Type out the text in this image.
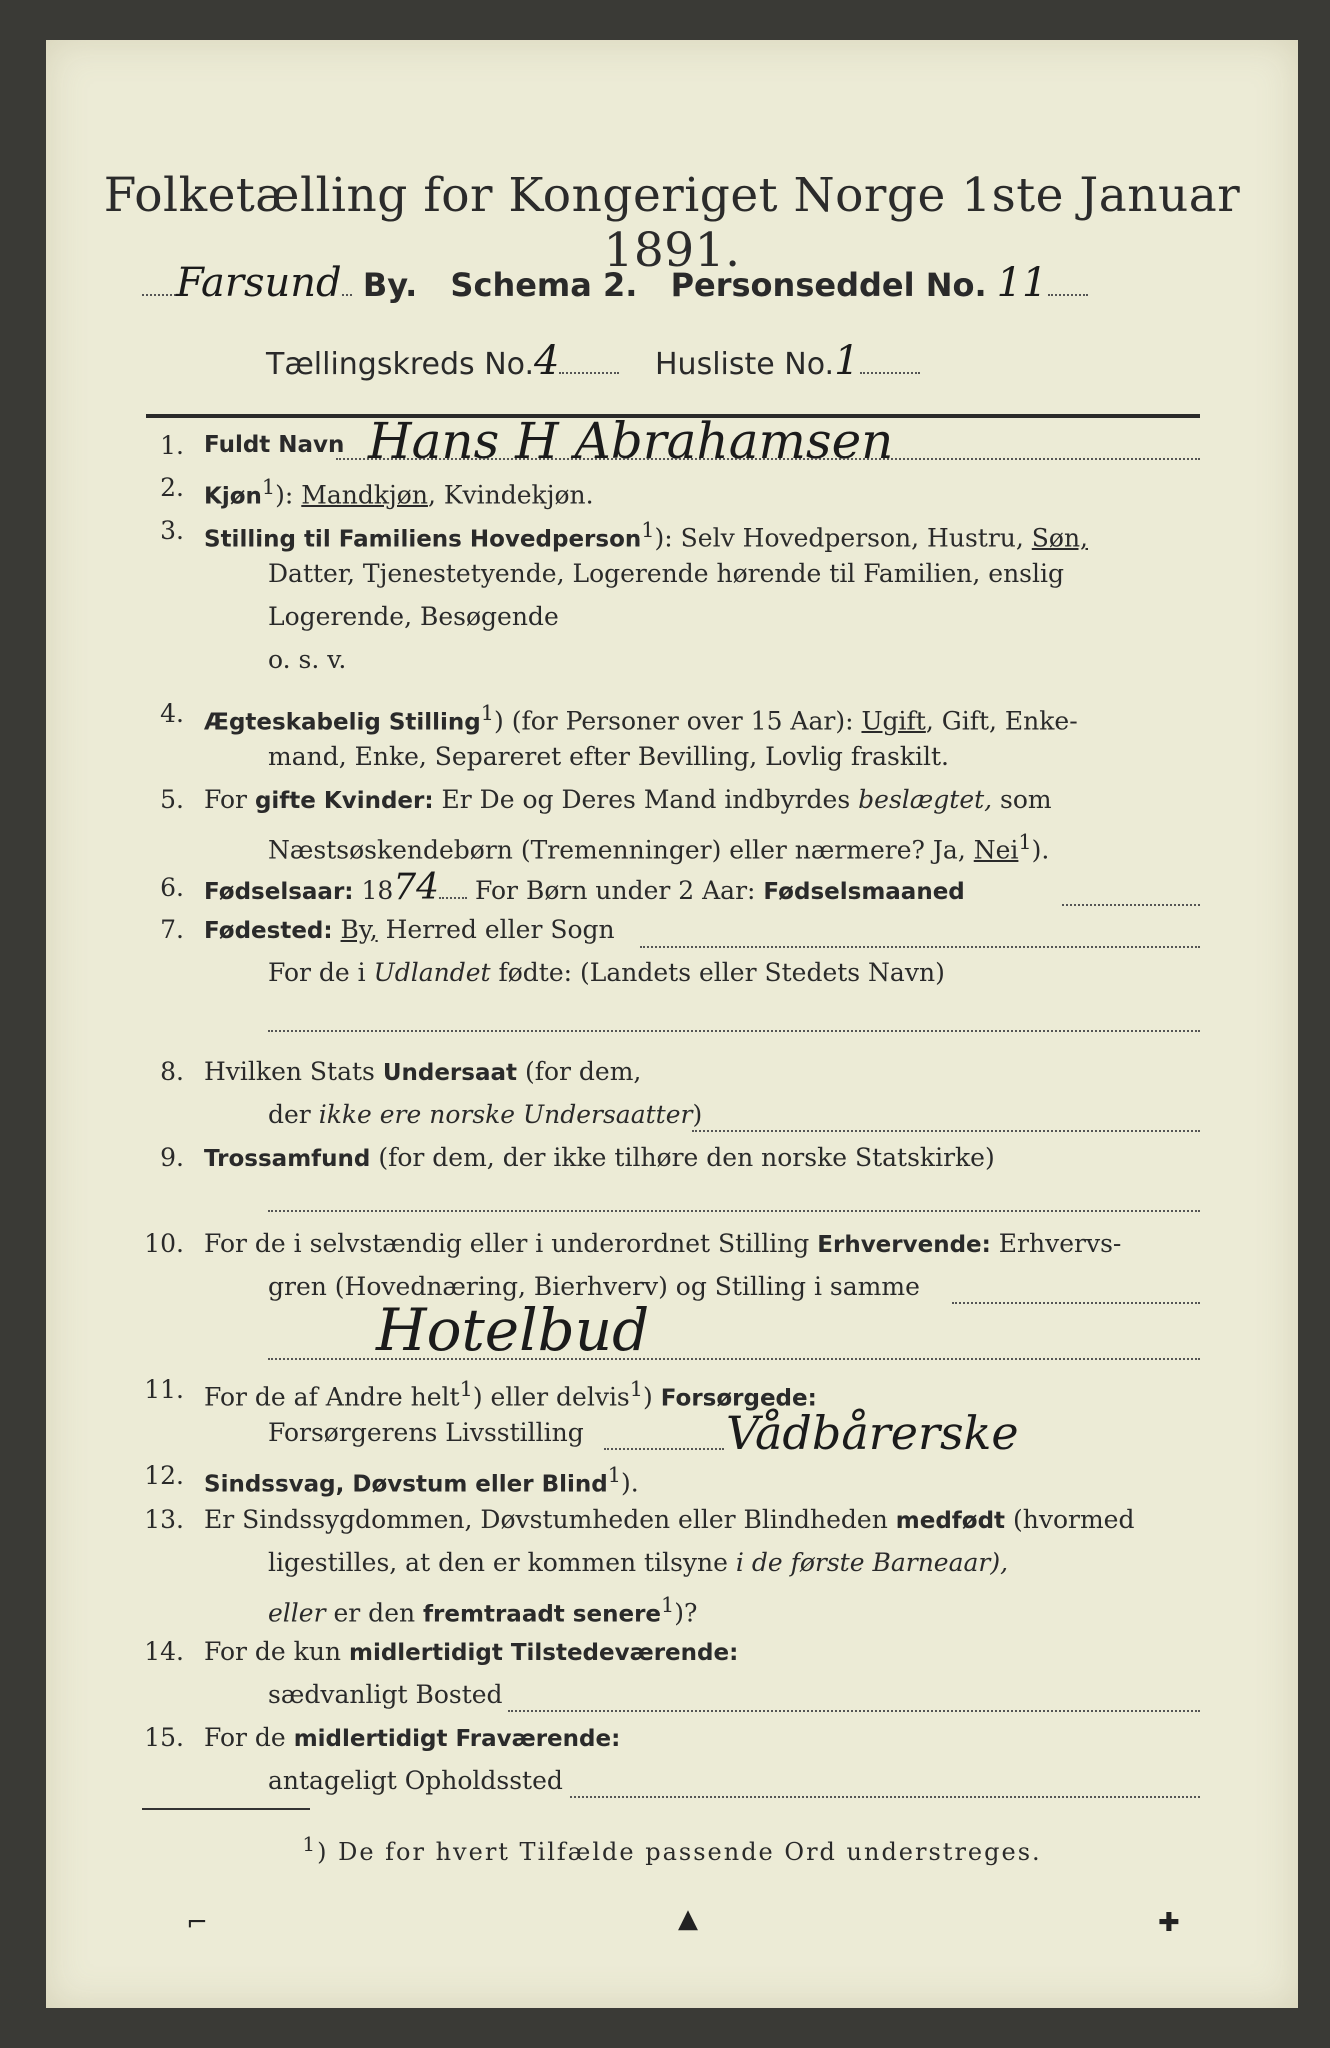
Folketælling for Kongeriget Norge 1ste Januar 1891.
Farsund By. Schema 2. Personseddel No. 11
Tællingskreds No.4	Husliste No.1
1. Fuldt Navn Hans H Abrahamsen
2. Kjøn$^1$): Mandkjøn, Kvindekjøn.
3. Stilling til Familiens Hovedperson$^1$): Selv Hovedperson, Hustru, Søn,
Datter, Tjenestetyende, Logerende hørende til Familien, enslig
Logerende, Besøgende
o. s. v.
4. Ægteskabelig Stilling$^1$) (for Personer over 15 Aar): Ugift, Gift, Enke-
mand, Enke, Separeret efter Bevilling, Lovlig fraskilt.
5. For gifte Kvinder: Er De og Deres Mand indbyrdes beslægtet, som
Næstsøskendebørn (Tremenninger) eller nærmere? Ja, Nei$^1$).
6. Fødselsaar: 1874 For Børn under 2 Aar: Fødselsmaaned
7. Fødested: By, Herred eller Sogn
For de i Udlandet fødte: (Landets eller Stedets Navn)
8. Hvilken Stats Undersaat (for dem,
der ikke ere norske Undersaatter)
9. Trossamfund (for dem, der ikke tilhøre den norske Statskirke)
10. For de i selvstændig eller i underordnet Stilling Erhvervende: Erhvervs-
gren (Hovednæring, Bierhverv) og Stilling i samme
Hotelbud
11. For de af Andre helt$^1$) eller delvis$^1$) Forsørgede:
Forsørgerens Livsstilling	Vådbårerske
12. Sindssvag, Døvstum eller Blind$^1$).
13. Er Sindssygdommen, Døvstumheden eller Blindheden medfødt (hvormed
ligestilles, at den er kommen tilsyne i de første Barneaar),
eller er den fremtraadt senere$^1$)?
14. For de kun midlertidigt Tilstedeværende:
sædvanligt Bosted
15. For de midlertidigt Fraværende:
antageligt Opholdssted
$^1$) De for hvert Tilfælde passende Ord understreges.
⌐	▲	✚
